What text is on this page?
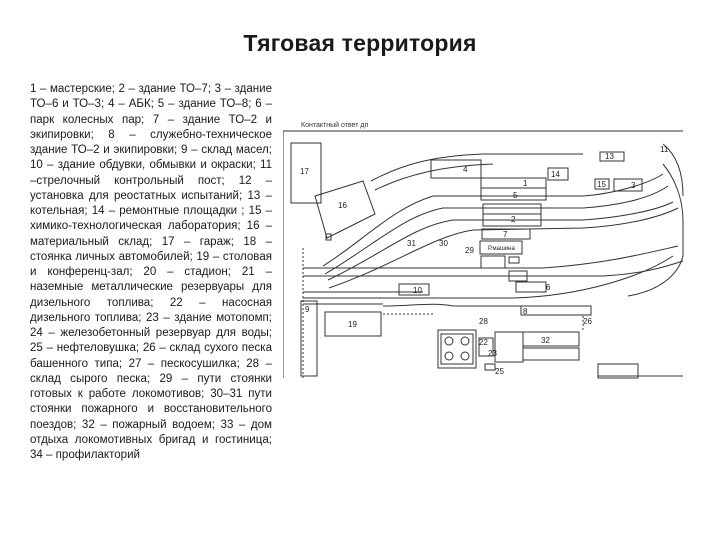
Тяговая территория
1 – мастерские; 2 – здание ТО–7; 3 – здание ТО–6 и ТО–3; 4 – АБК; 5 – здание ТО–8; 6 – парк колесных пар; 7 – здание ТО–2 и экипировки; 8 – служебно-техническое здание ТО–2 и экипировки; 9 – склад масел; 10 – здание обдувки, обмывки и окраски; 11 –стрелочный контрольный пост; 12 – установка для реостатных испытаний; 13 – котельная; 14 – ремонтные площадки ; 15 – химико-технологическая лаборатория; 16 – материальный склад; 17 – гараж; 18 – стоянка личных автомобилей; 19 – столовая и конференц-зал; 20 – стадион; 21 – наземные металлические резервуары для дизельного топлива; 22 – насосная дизельного топлива; 23 – здание мотопомп; 24 – железобетонный резервуар для воды; 25 – нефтеловушка; 26 – склад сухого песка башенного типа; 27 – пескосушилка; 28 – склад сырого песка; 29 – пути стоянки готовых к работе локомотивов; 30–31 пути стоянки пожарного и восстановительного поездов; 32 – пожарный водоем; 33 – дом отдыха локомотивных бригад и гостиница; 34 – профилакторий
Контактный ответ дп
17
16
4
14
15	3
13
11
1
5
2
7
31	30
29 Р.машина
10	6
9	8
19	28
22
23
25
32
26
